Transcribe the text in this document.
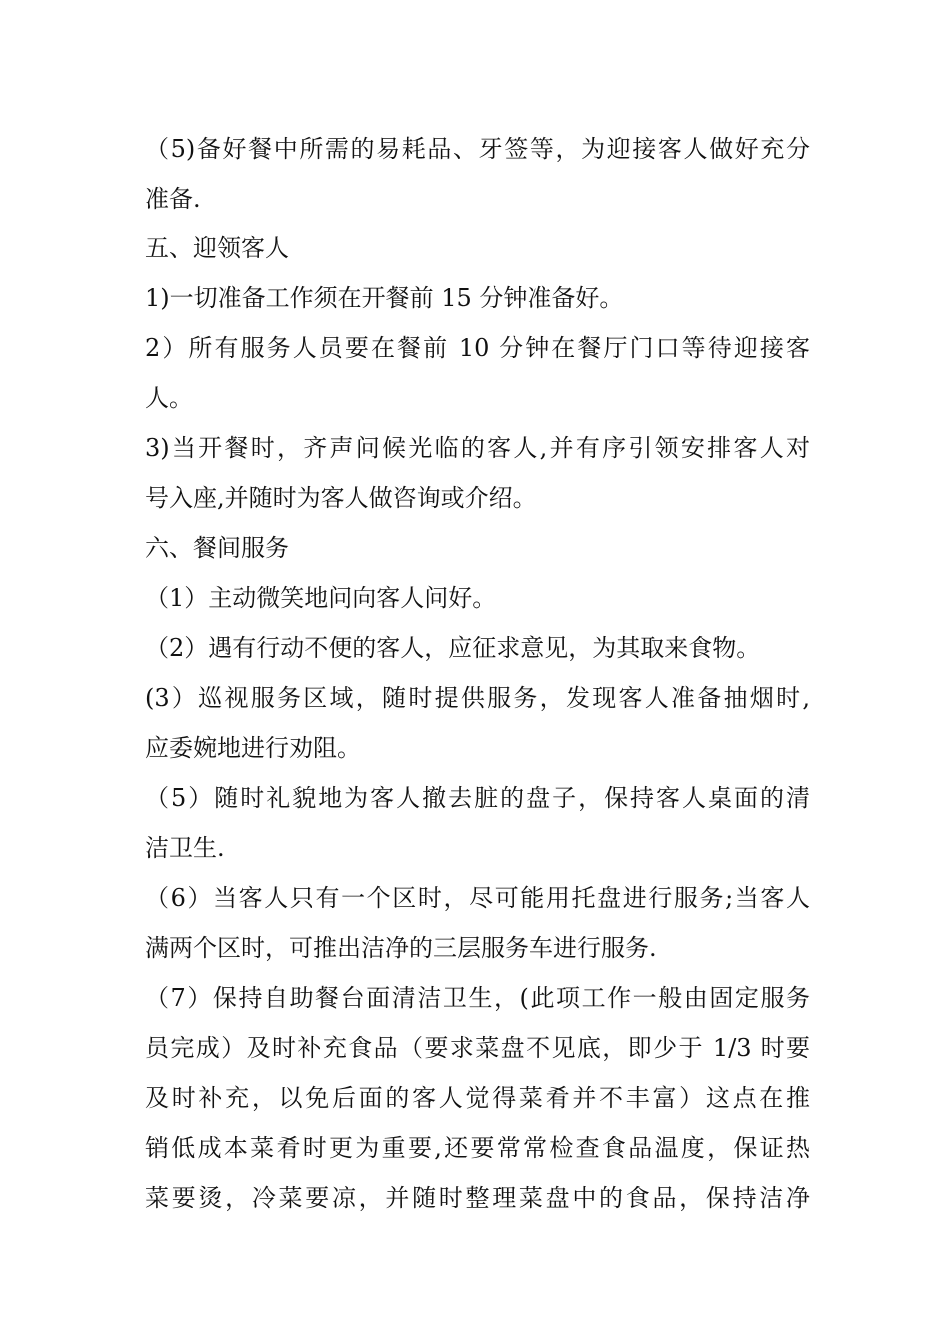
（5)备好餐中所需的易耗品、牙签等，为迎接客人做好充分
准备.
五、迎领客人
1)一切准备工作须在开餐前 15 分钟准备好。
2）所有服务人员要在餐前 10 分钟在餐厅门口等待迎接客
人。
3)当开餐时，齐声问候光临的客人,并有序引领安排客人对
号入座,并随时为客人做咨询或介绍。
六、餐间服务
（1）主动微笑地问向客人问好。
（2）遇有行动不便的客人，应征求意见，为其取来食物。
(3）巡视服务区域，随时提供服务，发现客人准备抽烟时,
应委婉地进行劝阻。
（5）随时礼貌地为客人撤去脏的盘子，保持客人桌面的清
洁卫生.
（6）当客人只有一个区时，尽可能用托盘进行服务;当客人
满两个区时，可推出洁净的三层服务车进行服务.
（7）保持自助餐台面清洁卫生，(此项工作一般由固定服务
员完成）及时补充食品（要求菜盘不见底，即少于 1/3 时要
及时补充，以免后面的客人觉得菜肴并不丰富）这点在推
销低成本菜肴时更为重要,还要常常检查食品温度，保证热
菜要烫，冷菜要凉，并随时整理菜盘中的食品，保持洁净
